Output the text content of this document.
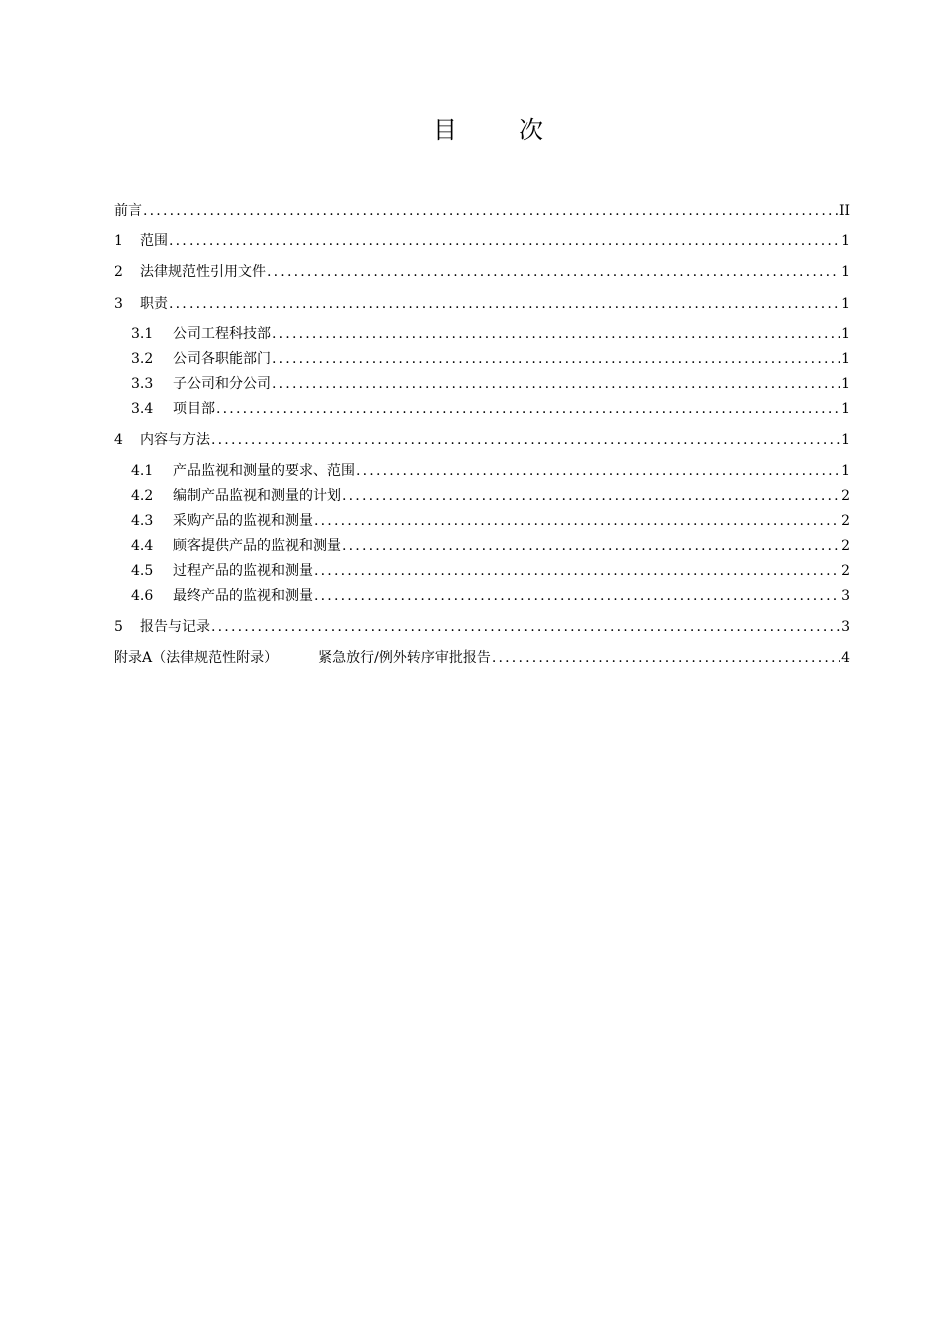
目	次
前言 .....	II
1	范围 .....	1
2	法律规范性引用文件 .....	1
3	职责 .....	1
3.1	公司工程科技部 .....	1
3.2	公司各职能部门 .....	1
3.3	子公司和分公司 .....	1
3.4	项目部 .....	1
4	内容与方法 .....	1
4.1	产品监视和测量的要求、范围 .....	1
4.2	编制产品监视和测量的计划 .....	2
4.3	采购产品的监视和测量 .....	2
4.4	顾客提供产品的监视和测量 .....	2
4.5	过程产品的监视和测量 .....	2
4.6	最终产品的监视和测量 .....	3
5	报告与记录 .....	3
附录A（法律规范性附录）	紧急放行/例外转序审批报告 .....	4
